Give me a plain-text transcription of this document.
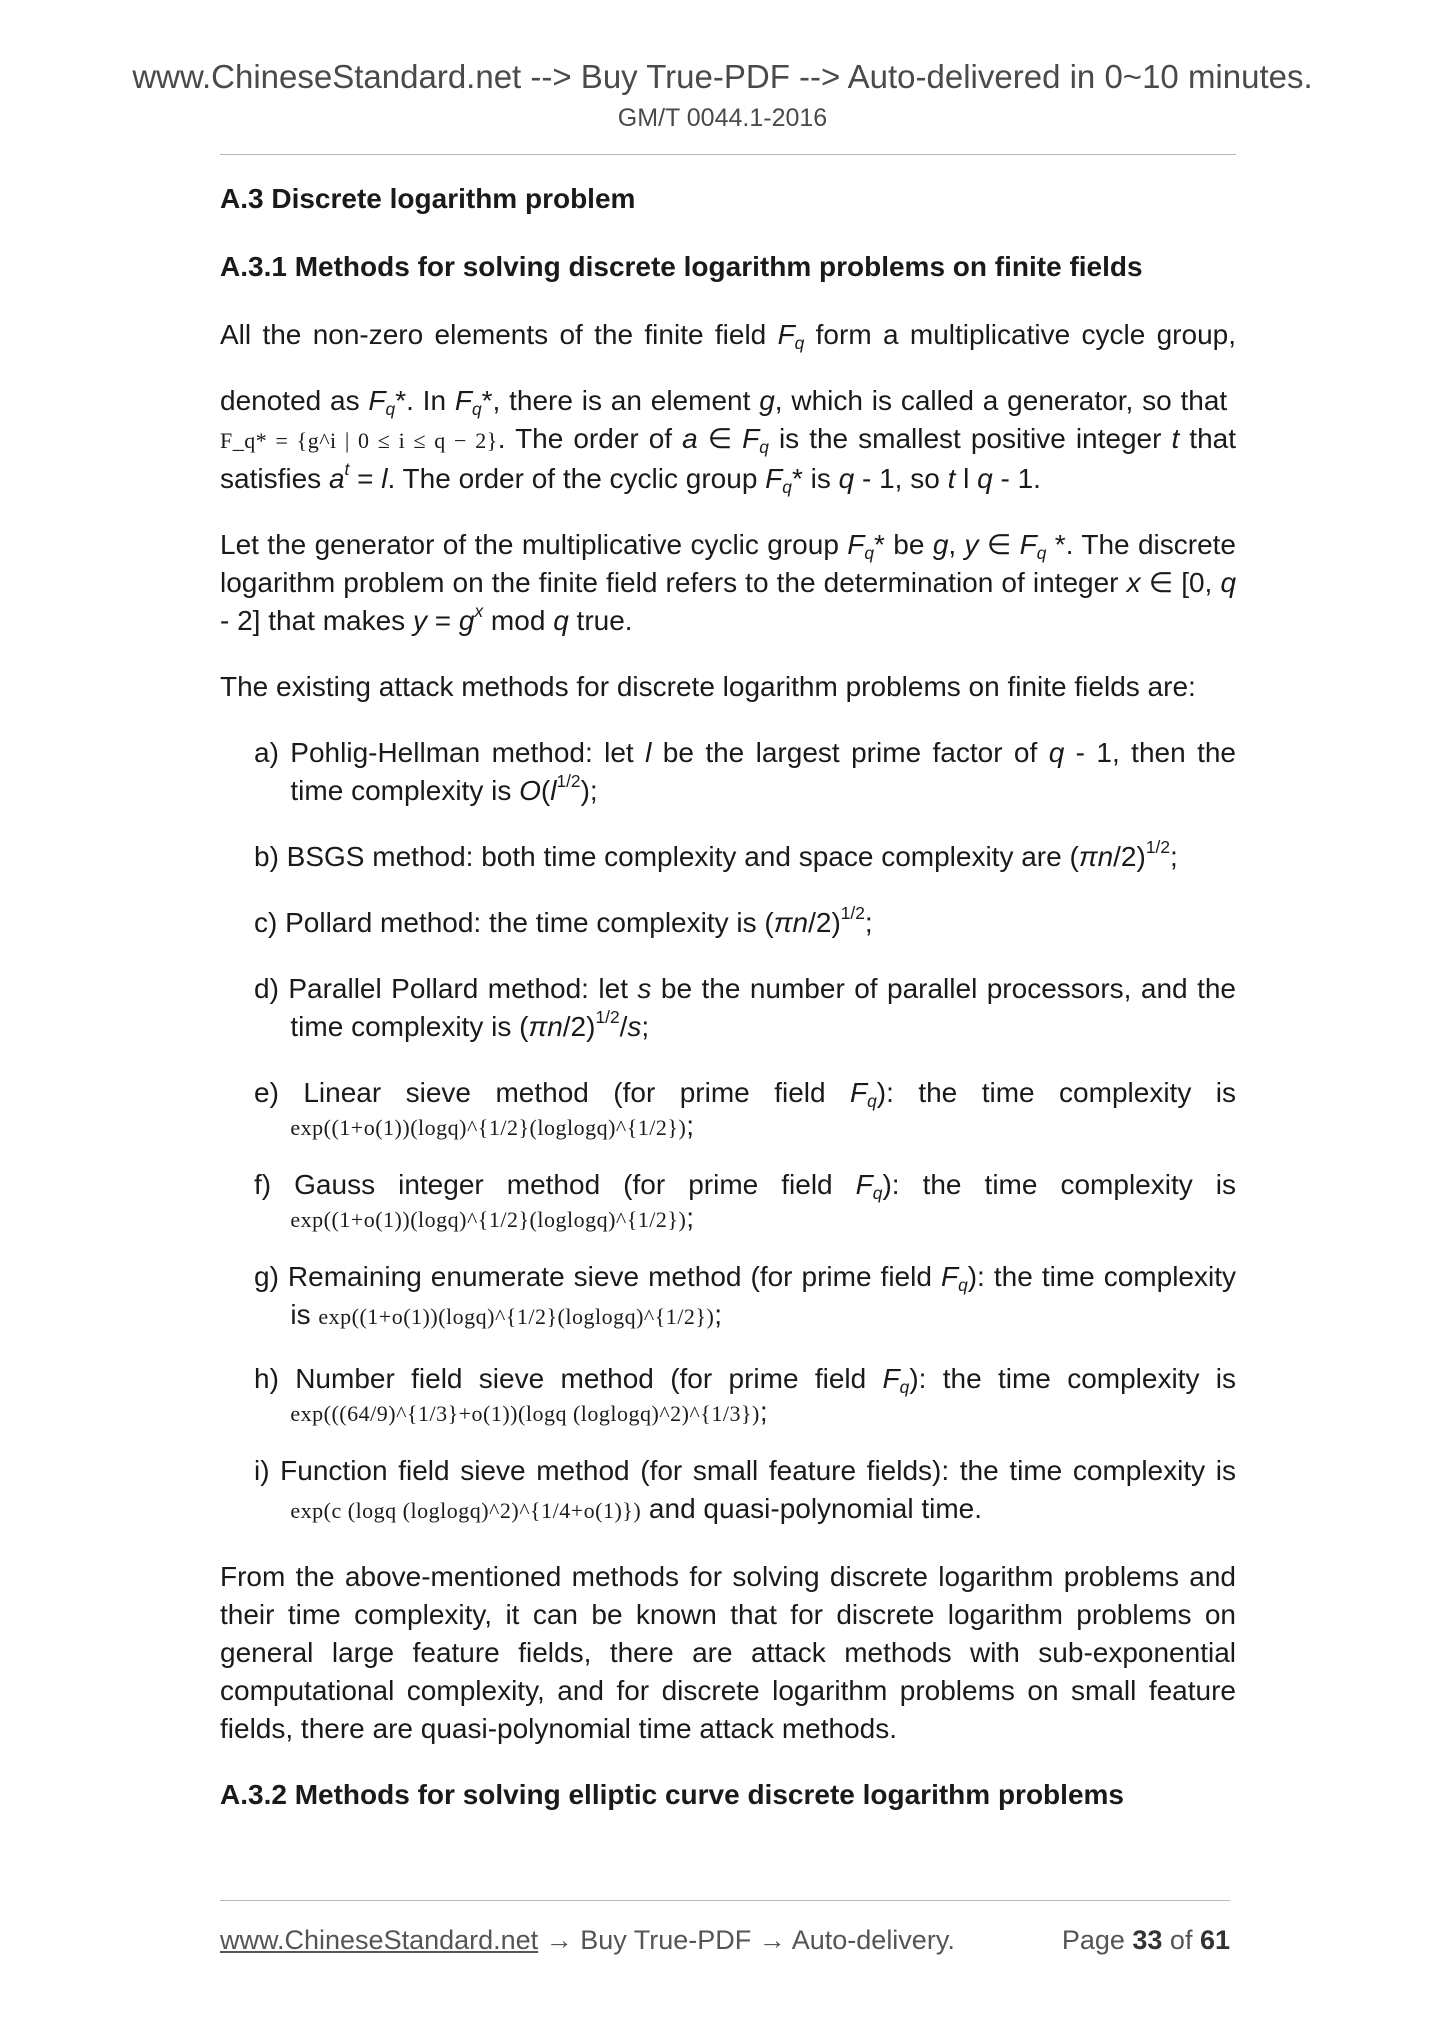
www.ChineseStandard.net --> Buy True-PDF --> Auto-delivered in 0~10 minutes.
GM/T 0044.1-2016

A.3 Discrete logarithm problem

A.3.1 Methods for solving discrete logarithm problems on finite fields

All the non-zero elements of the finite field $F_q$ form a multiplicative cycle group, denoted as $F_q*$. In $F_q*$, there is an element g, which is called a generator, so that F_q* = {g^i | 0 ≤ i ≤ q − 2}. The order of a ∈ $F_q$ is the smallest positive integer t that satisfies $a^t = l$. The order of the cyclic group $F_q*$ is q - 1, so t l q - 1.

Let the generator of the multiplicative cyclic group $F_q*$ be g, y ∈ $F_q$ *. The discrete logarithm problem on the finite field refers to the determination of integer x ∈ [0, q - 2] that makes $y = g^x$ mod q true.

The existing attack methods for discrete logarithm problems on finite fields are:

a) Pohlig-Hellman method: let l be the largest prime factor of q - 1, then the time complexity is $O(l^{1/2})$;

b) BSGS method: both time complexity and space complexity are $(\pi n/2)^{1/2}$;

c) Pollard method: the time complexity is $(\pi n/2)^{1/2}$;

d) Parallel Pollard method: let s be the number of parallel processors, and the time complexity is $(\pi n/2)^{1/2}/s$;

e) Linear sieve method (for prime field $F_q$): the time complexity is

exp((1+o(1))(logq)^{1/2}(loglogq)^{1/2});

f) Gauss integer method (for prime field $F_q$): the time complexity is

exp((1+o(1))(logq)^{1/2}(loglogq)^{1/2});

g) Remaining enumerate sieve method (for prime field $F_q$): the time complexity is exp((1+o(1))(logq)^{1/2}(loglogq)^{1/2});

h) Number field sieve method (for prime field $F_q$): the time complexity is

exp(((64/9)^{1/3}+o(1))(logq (loglogq)^2)^{1/3});

i) Function field sieve method (for small feature fields): the time complexity is exp(c (logq (loglogq)^2)^{1/4+o(1)}) and quasi-polynomial time.

From the above-mentioned methods for solving discrete logarithm problems and their time complexity, it can be known that for discrete logarithm problems on general large feature fields, there are attack methods with sub-exponential computational complexity, and for discrete logarithm problems on small feature fields, there are quasi-polynomial time attack methods.

A.3.2 Methods for solving elliptic curve discrete logarithm problems

www.ChineseStandard.net → Buy True-PDF → Auto-delivery.	Page 33 of 61
